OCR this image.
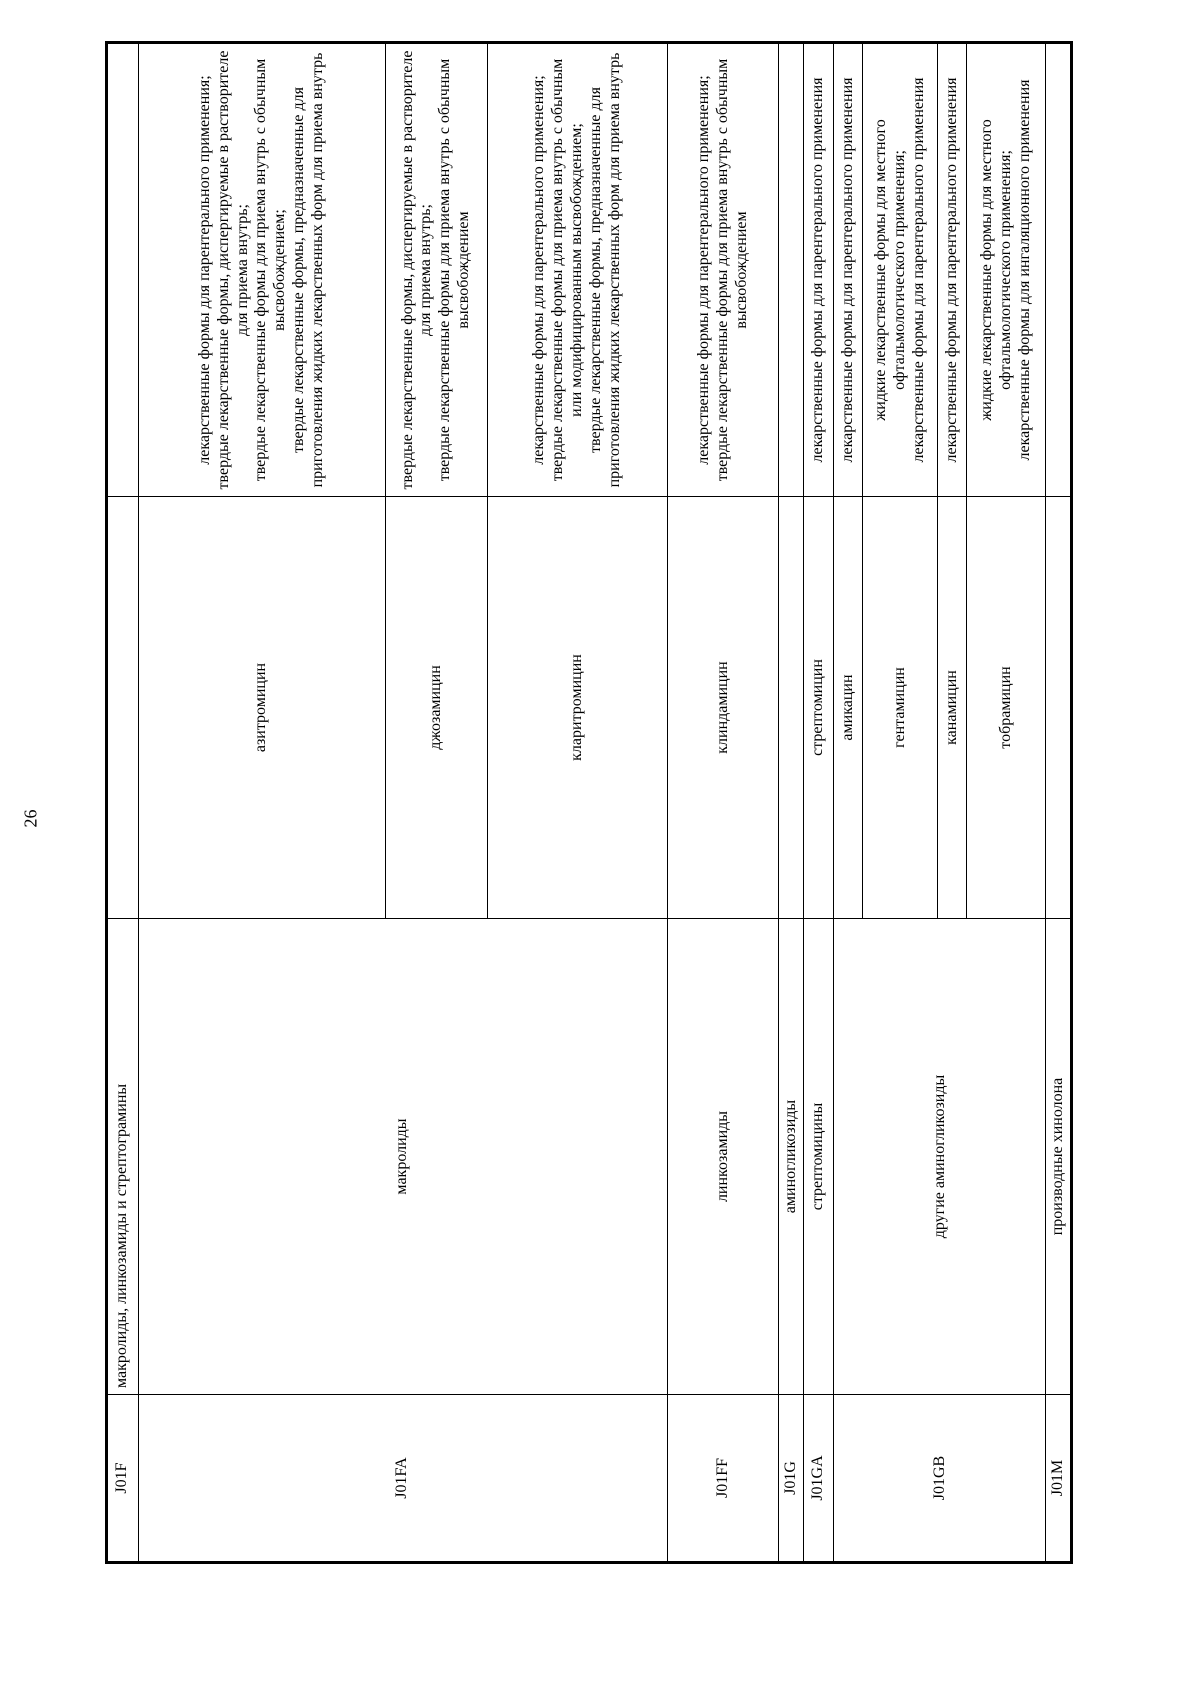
26
J01F	макролиды, линкозамиды и стрептограмины		
J01FA	макролиды	азитромицин	лекарственные формы для парентерального применения; твердые лекарственные формы, диспергируемые в растворителе для приема внутрь; твердые лекарственные формы для приема внутрь с обычным высвобождением; твердые лекарственные формы, предназначенные для приготовления жидких лекарственных форм для приема внутрь

		джозамицин	твердые лекарственные формы, диспергируемые в растворителе для приема внутрь; твердые лекарственные формы для приема внутрь с обычным высвобождением

		кларитромицин	лекарственные формы для парентерального применения; твердые лекарственные формы для приема внутрь с обычным или модифицированным высвобождением; твердые лекарственные формы, предназначенные для приготовления жидких лекарственных форм для приема внутрь

J01FF	линкозамиды	клиндамицин	лекарственные формы для парентерального применения; твердые лекарственные формы для приема внутрь с обычным высвобождением

J01G	аминогликозиды		
J01GA	стрептомицины	стрептомицин	лекарственные формы для парентерального применения
J01GB	другие аминогликозиды	амикацин	лекарственные формы для парентерального применения
		гентамицин	жидкие лекарственные формы для местного офтальмологического применения; лекарственные формы для парентерального применения

		канамицин	лекарственные формы для парентерального применения
		тобрамицин	жидкие лекарственные формы для местного офтальмологического применения; лекарственные формы для ингаляционного применения

J01M	производные хинолона		
